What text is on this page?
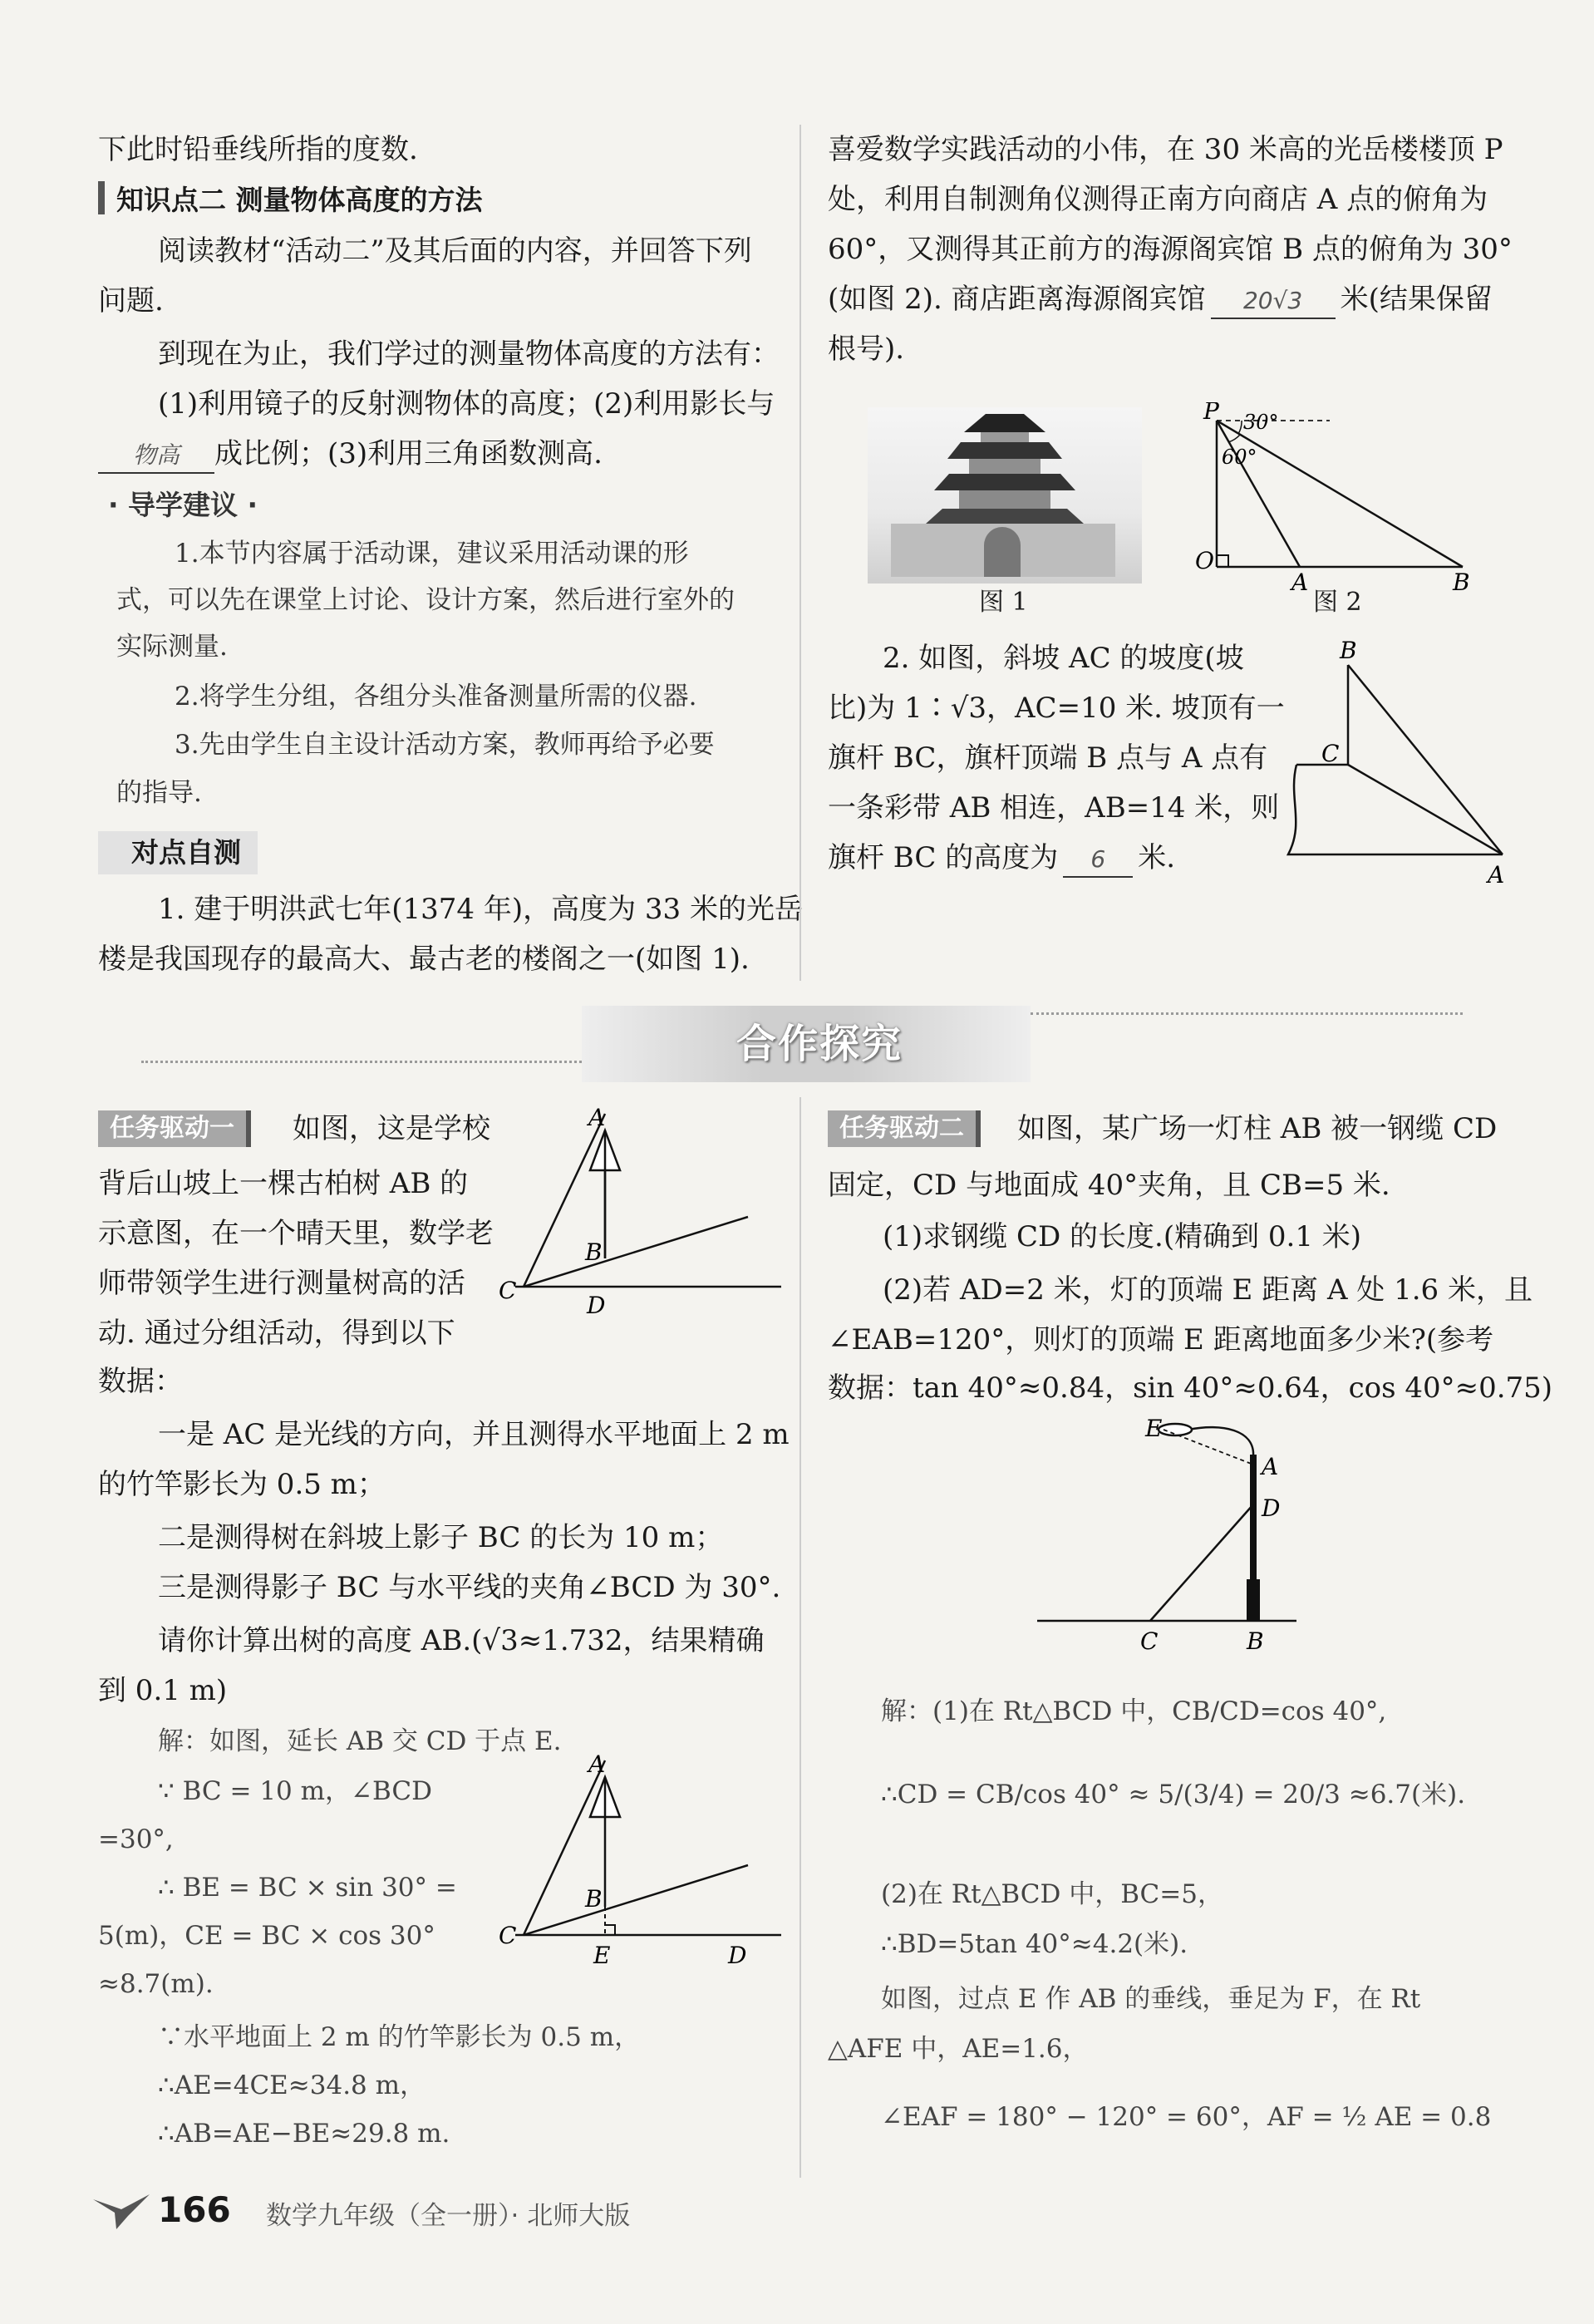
下此时铅垂线所指的度数.
知识点二 测量物体高度的方法
阅读教材“活动二”及其后面的内容，并回答下列
问题.
到现在为止，我们学过的测量物体高度的方法有：
(1)利用镜子的反射测物体的高度；(2)利用影长与
物高 成比例；(3)利用三角函数测高.
· 导学建议 ·
1.本节内容属于活动课，建议采用活动课的形
式，可以先在课堂上讨论、设计方案，然后进行室外的
实际测量.
2.将学生分组，各组分头准备测量所需的仪器.
3.先由学生自主设计活动方案，教师再给予必要
的指导.
对点自测
1. 建于明洪武七年(1374 年)，高度为 33 米的光岳
楼是我国现存的最高大、最古老的楼阁之一(如图 1).
喜爱数学实践活动的小伟，在 30 米高的光岳楼楼顶 P
处，利用自制测角仪测得正南方向商店 A 点的俯角为
60°，又测得其正前方的海源阁宾馆 B 点的俯角为 30°
(如图 2). 商店距离海源阁宾馆 20√3 米(结果保留
根号).
图 1
P 30°
60°
O
A	B
图 2
2. 如图，斜坡 AC 的坡度(坡
比)为 1∶√3，AC=10 米. 坡顶有一
旗杆 BC，旗杆顶端 B 点与 A 点有
一条彩带 AB 相连，AB=14 米，则
旗杆 BC 的高度为 6 米.
B
C
A
合作探究
任务驱动一	如图，这是学校
背后山坡上一棵古柏树 AB 的
示意图，在一个晴天里，数学老
师带领学生进行测量树高的活
动. 通过分组活动，得到以下
数据：
A
B
C
D
一是 AC 是光线的方向，并且测得水平地面上 2 m
的竹竿影长为 0.5 m；
二是测得树在斜坡上影子 BC 的长为 10 m；
三是测得影子 BC 与水平线的夹角∠BCD 为 30°.
请你计算出树的高度 AB.(√3≈1.732，结果精确
到 0.1 m)
解：如图，延长 AB 交 CD 于点 E.
∵ BC = 10 m，∠BCD
=30°,
∴ BE = BC × sin 30° =
5(m)，CE = BC × cos 30°
≈8.7(m).
A
B
C
E	D
∵水平地面上 2 m 的竹竿影长为 0.5 m，
∴AE=4CE≈34.8 m，
∴AB=AE−BE≈29.8 m.
任务驱动二	如图，某广场一灯柱 AB 被一钢缆 CD
固定，CD 与地面成 40°夹角，且 CB=5 米.
(1)求钢缆 CD 的长度.(精确到 0.1 米)
(2)若 AD=2 米，灯的顶端 E 距离 A 处 1.6 米，且
∠EAB=120°，则灯的顶端 E 距离地面多少米?(参考
数据：tan 40°≈0.84，sin 40°≈0.64，cos 40°≈0.75)
E
A
D
C	B
解：(1)在 Rt△BCD 中，CB/CD=cos 40°,
∴CD = CB/cos 40° ≈ 5/(3/4) = 20/3 ≈6.7(米).
(2)在 Rt△BCD 中，BC=5，
∴BD=5tan 40°≈4.2(米).
如图，过点 E 作 AB 的垂线，垂足为 F，在 Rt
△AFE 中，AE=1.6，
∠EAF = 180° − 120° = 60°，AF = ½ AE = 0.8
166 数学九年级（全一册）· 北师大版
